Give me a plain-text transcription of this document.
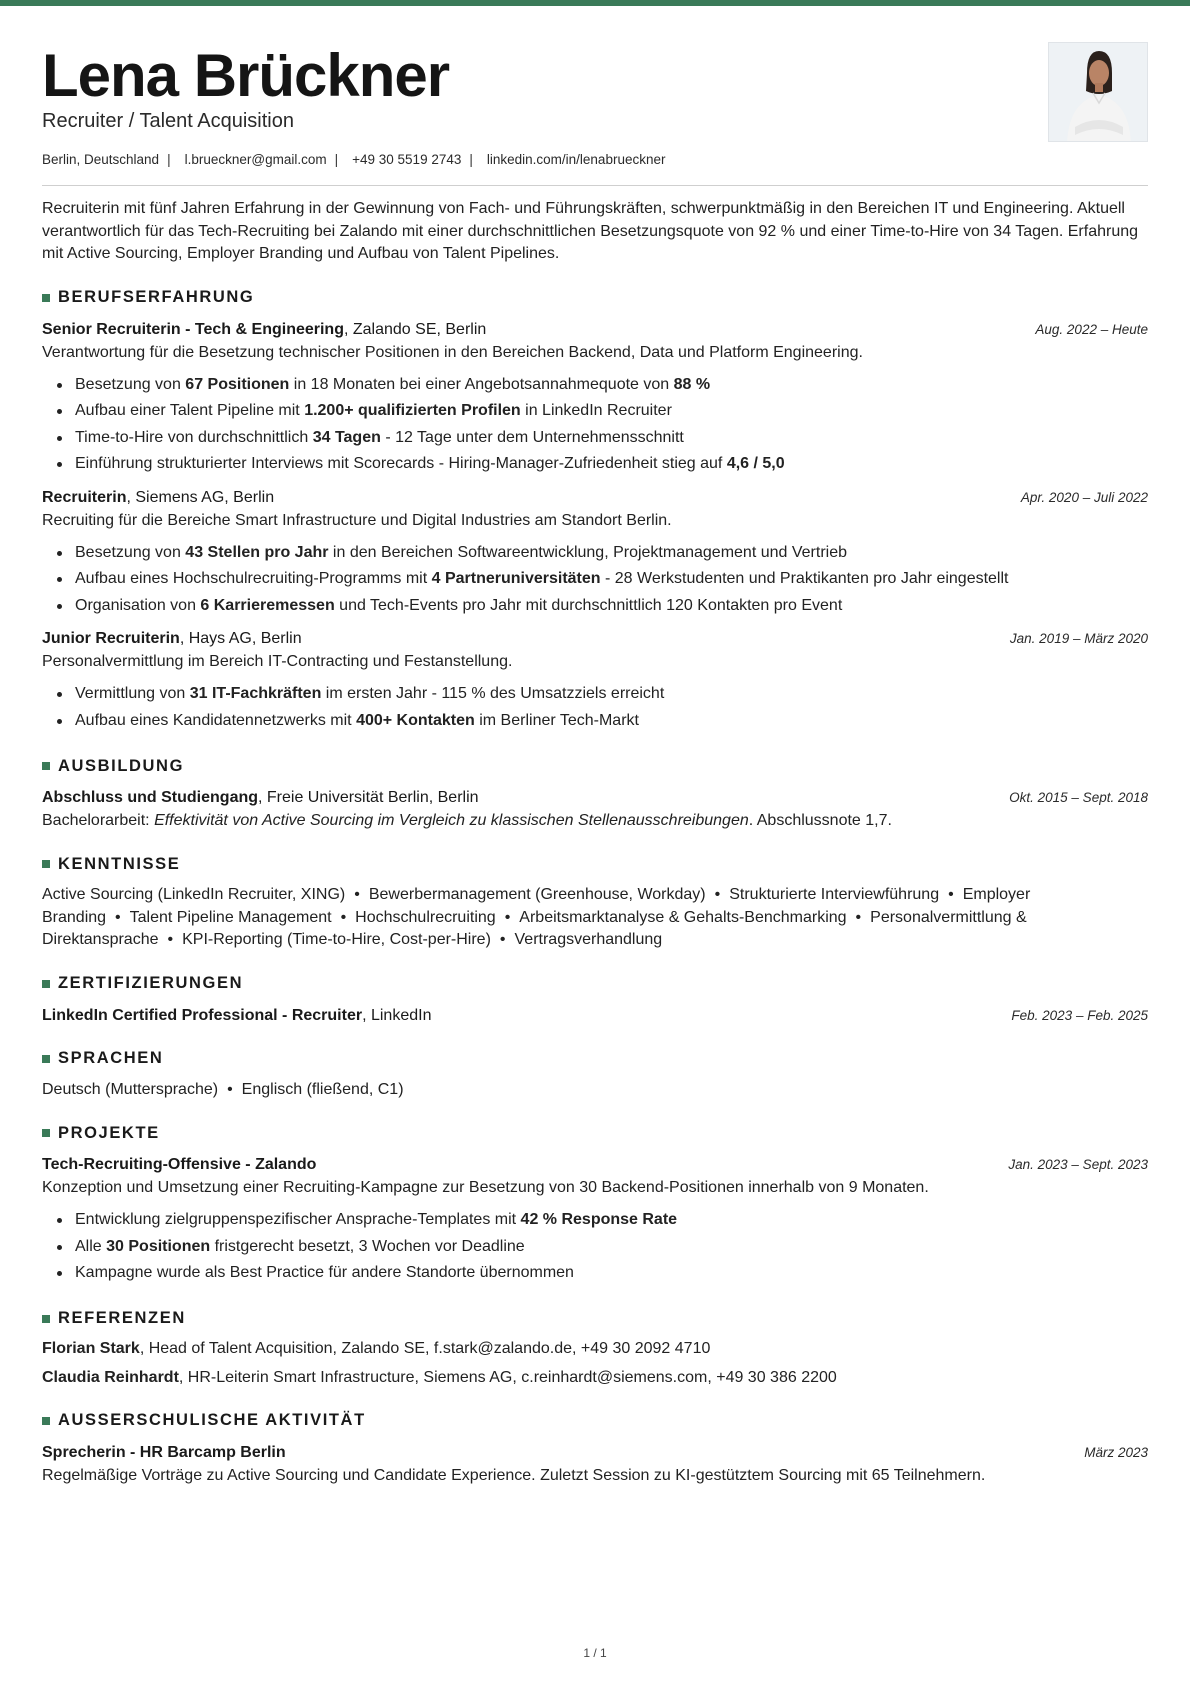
Lena Brückner
Recruiter / Talent Acquisition
Berlin, Deutschland | l.brueckner@gmail.com | +49 30 5519 2743 | linkedin.com/in/lenabrueckner
Recruiterin mit fünf Jahren Erfahrung in der Gewinnung von Fach- und Führungskräften, schwerpunktmäßig in den Bereichen IT und Engineering. Aktuell verantwortlich für das Tech-Recruiting bei Zalando mit einer durchschnittlichen Besetzungsquote von 92 % und einer Time-to-Hire von 34 Tagen. Erfahrung mit Active Sourcing, Employer Branding und Aufbau von Talent Pipelines.
BERUFSERFAHRUNG
Senior Recruiterin - Tech & Engineering, Zalando SE, Berlin	Aug. 2022 – Heute
Verantwortung für die Besetzung technischer Positionen in den Bereichen Backend, Data und Platform Engineering.
Besetzung von 67 Positionen in 18 Monaten bei einer Angebotsannahmequote von 88 %
Aufbau einer Talent Pipeline mit 1.200+ qualifizierten Profilen in LinkedIn Recruiter
Time-to-Hire von durchschnittlich 34 Tagen - 12 Tage unter dem Unternehmensschnitt
Einführung strukturierter Interviews mit Scorecards - Hiring-Manager-Zufriedenheit stieg auf 4,6 / 5,0
Recruiterin, Siemens AG, Berlin	Apr. 2020 – Juli 2022
Recruiting für die Bereiche Smart Infrastructure und Digital Industries am Standort Berlin.
Besetzung von 43 Stellen pro Jahr in den Bereichen Softwareentwicklung, Projektmanagement und Vertrieb
Aufbau eines Hochschulrecruiting-Programms mit 4 Partneruniversitäten - 28 Werkstudenten und Praktikanten pro Jahr eingestellt
Organisation von 6 Karrieremessen und Tech-Events pro Jahr mit durchschnittlich 120 Kontakten pro Event
Junior Recruiterin, Hays AG, Berlin	Jan. 2019 – März 2020
Personalvermittlung im Bereich IT-Contracting und Festanstellung.
Vermittlung von 31 IT-Fachkräften im ersten Jahr - 115 % des Umsatzziels erreicht
Aufbau eines Kandidatennetzwerks mit 400+ Kontakten im Berliner Tech-Markt
AUSBILDUNG
Abschluss und Studiengang, Freie Universität Berlin, Berlin	Okt. 2015 – Sept. 2018
Bachelorarbeit: Effektivität von Active Sourcing im Vergleich zu klassischen Stellenausschreibungen. Abschlussnote 1,7.
KENNTNISSE
Active Sourcing (LinkedIn Recruiter, XING) • Bewerbermanagement (Greenhouse, Workday) • Strukturierte Interviewführung • Employer Branding • Talent Pipeline Management • Hochschulrecruiting • Arbeitsmarktanalyse & Gehalts-Benchmarking • Personalvermittlung & Direktansprache • KPI-Reporting (Time-to-Hire, Cost-per-Hire) • Vertragsverhandlung
ZERTIFIZIERUNGEN
LinkedIn Certified Professional - Recruiter, LinkedIn	Feb. 2023 – Feb. 2025
SPRACHEN
Deutsch (Muttersprache) • Englisch (fließend, C1)
PROJEKTE
Tech-Recruiting-Offensive - Zalando	Jan. 2023 – Sept. 2023
Konzeption und Umsetzung einer Recruiting-Kampagne zur Besetzung von 30 Backend-Positionen innerhalb von 9 Monaten.
Entwicklung zielgruppenspezifischer Ansprache-Templates mit 42 % Response Rate
Alle 30 Positionen fristgerecht besetzt, 3 Wochen vor Deadline
Kampagne wurde als Best Practice für andere Standorte übernommen
REFERENZEN
Florian Stark, Head of Talent Acquisition, Zalando SE, f.stark@zalando.de, +49 30 2092 4710
Claudia Reinhardt, HR-Leiterin Smart Infrastructure, Siemens AG, c.reinhardt@siemens.com, +49 30 386 2200
AUSSERSCHULISCHE AKTIVITÄT
Sprecherin - HR Barcamp Berlin	März 2023
Regelmäßige Vorträge zu Active Sourcing und Candidate Experience. Zuletzt Session zu KI-gestütztem Sourcing mit 65 Teilnehmern.
1 / 1
